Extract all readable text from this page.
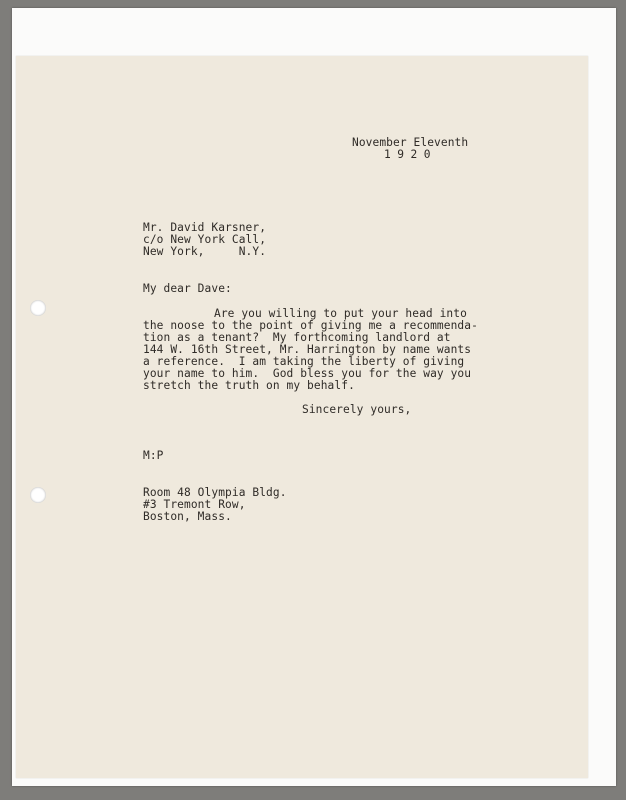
November Eleventh
1920
Mr. David Karsner,
c/o New York Call,
New York,     N.Y.
My dear Dave:
Are you willing to put your head into
the noose to the point of giving me a recommenda-
tion as a tenant?  My forthcoming landlord at
144 W. 16th Street, Mr. Harrington by name wants
a reference.  I am taking the liberty of giving
your name to him.  God bless you for the way you
stretch the truth on my behalf.
Sincerely yours,
M:P
Room 48 Olympia Bldg.
#3 Tremont Row,
Boston, Mass.
